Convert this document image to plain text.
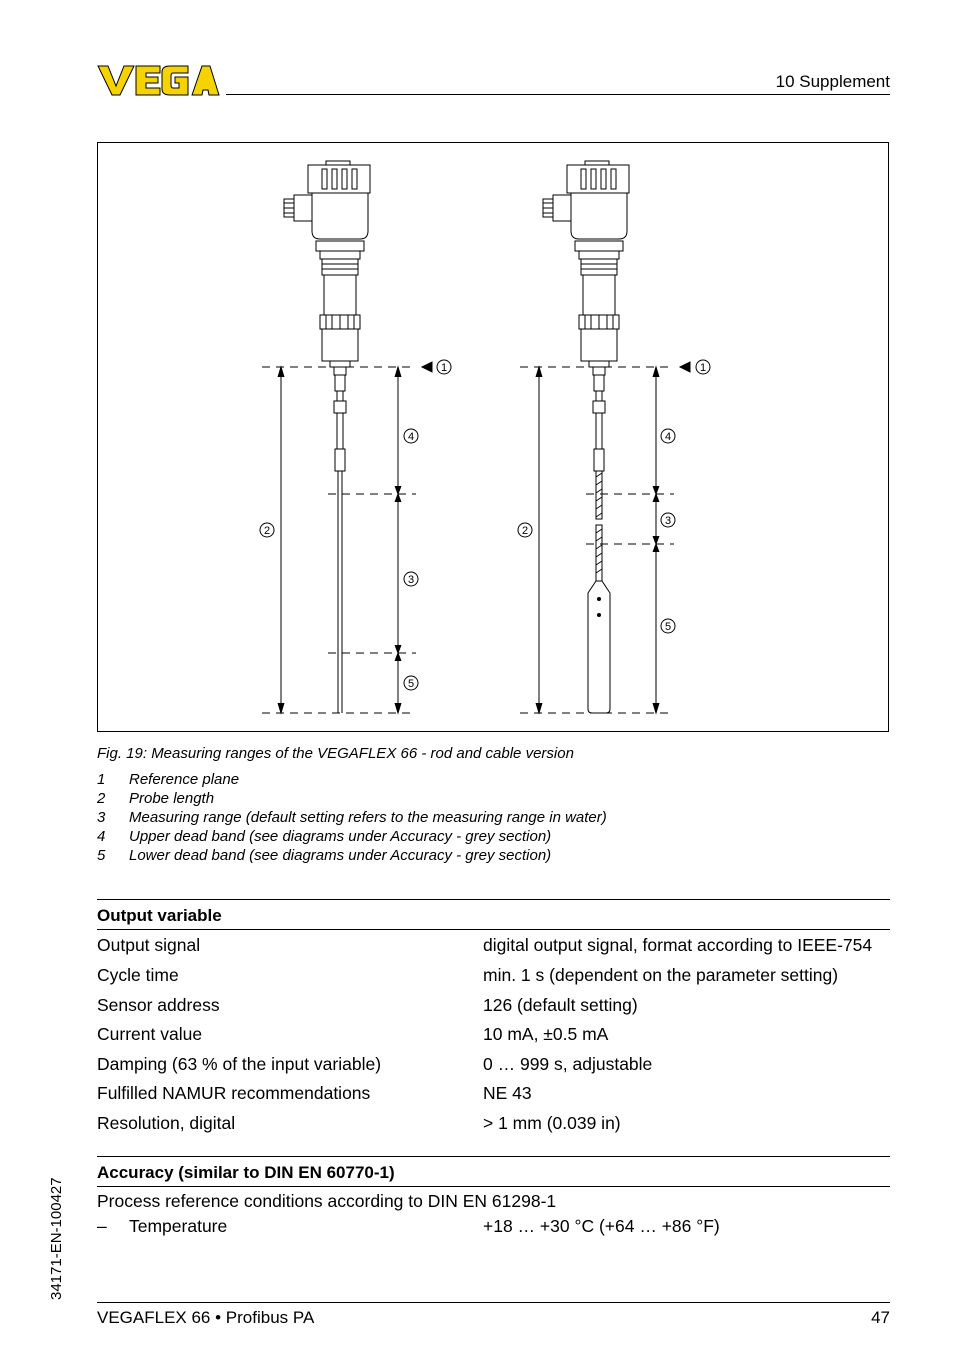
10 Supplement
1
2
4
3
5
1
2
4
3
5
Fig. 19: Measuring ranges of the VEGAFLEX 66 - rod and cable version
1 Reference plane
2 Probe length
3 Measuring range (default setting refers to the measuring range in water)
4 Upper dead band (see diagrams under Accuracy - grey section)
5 Lower dead band (see diagrams under Accuracy - grey section)
Output variable
Output signal	digital output signal, format according to IEEE-754
Cycle time	min. 1 s (dependent on the parameter setting)
Sensor address	126 (default setting)
Current value	10 mA, ±0.5 mA
Damping (63 % of the input variable)	0 … 999 s, adjustable
Fulfilled NAMUR recommendations	NE 43
Resolution, digital	> 1 mm (0.039 in)
Accuracy (similar to DIN EN 60770-1)
Process reference conditions according to DIN EN 61298-1
– Temperature	+18 … +30 °C (+64 … +86 °F)
34171-EN-100427
VEGAFLEX 66 • Profibus PA	47
